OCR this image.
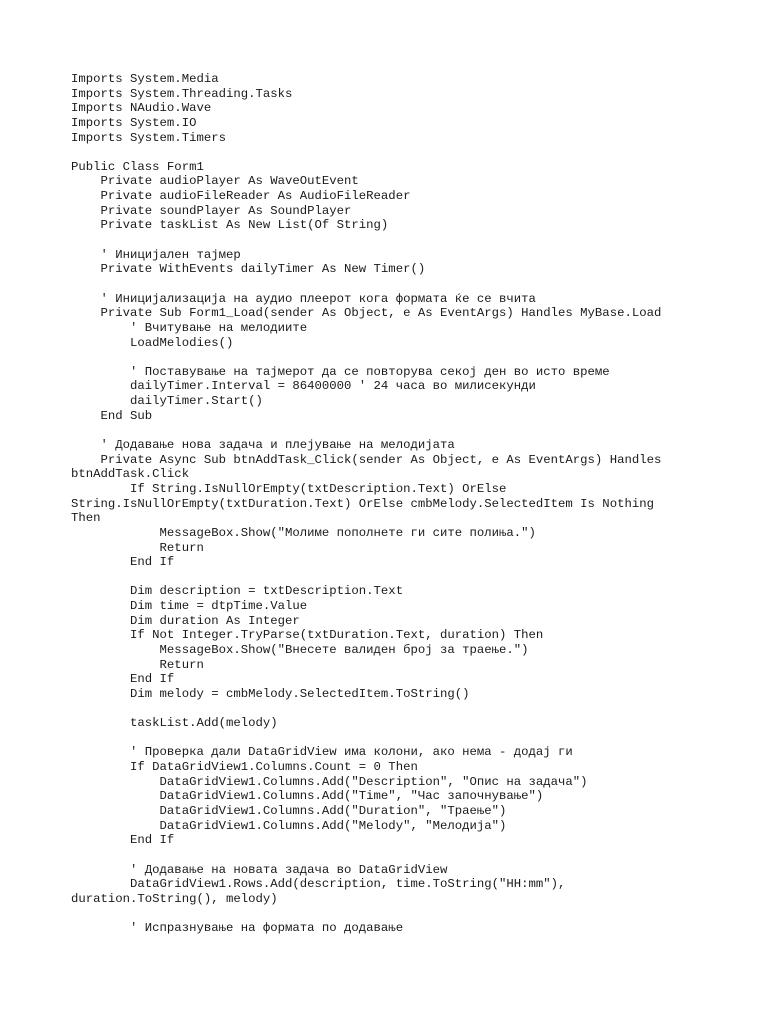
Imports System.Media
Imports System.Threading.Tasks
Imports NAudio.Wave
Imports System.IO
Imports System.Timers
Public Class Form1
Private audioPlayer As WaveOutEvent
Private audioFileReader As AudioFileReader
Private soundPlayer As SoundPlayer
Private taskList As New List(Of String)
' Иницијален тајмер
Private WithEvents dailyTimer As New Timer()
' Иницијализација на аудио плеерот кога формата ќе се вчита
Private Sub Form1_Load(sender As Object, e As EventArgs) Handles MyBase.Load
' Вчитување на мелодиите
LoadMelodies()
' Поставување на тајмерот да се повторува секој ден во исто време
dailyTimer.Interval = 86400000 ' 24 часа во милисекунди
dailyTimer.Start()
End Sub
' Додавање нова задача и плејување на мелодијата
Private Async Sub btnAddTask_Click(sender As Object, e As EventArgs) Handles
btnAddTask.Click
If String.IsNullOrEmpty(txtDescription.Text) OrElse
String.IsNullOrEmpty(txtDuration.Text) OrElse cmbMelody.SelectedItem Is Nothing
Then
MessageBox.Show("Молиме пополнете ги сите полиња.")
Return
End If
Dim description = txtDescription.Text
Dim time = dtpTime.Value
Dim duration As Integer
If Not Integer.TryParse(txtDuration.Text, duration) Then
MessageBox.Show("Внесете валиден број за траење.")
Return
End If
Dim melody = cmbMelody.SelectedItem.ToString()
taskList.Add(melody)
' Проверка дали DataGridView има колони, ако нема - додај ги
If DataGridView1.Columns.Count = 0 Then
DataGridView1.Columns.Add("Description", "Опис на задача")
DataGridView1.Columns.Add("Time", "Час започнување")
DataGridView1.Columns.Add("Duration", "Траење")
DataGridView1.Columns.Add("Melody", "Мелодија")
End If
' Додавање на новата задача во DataGridView
DataGridView1.Rows.Add(description, time.ToString("HH:mm"),
duration.ToString(), melody)
' Испразнување на формата по додавање
